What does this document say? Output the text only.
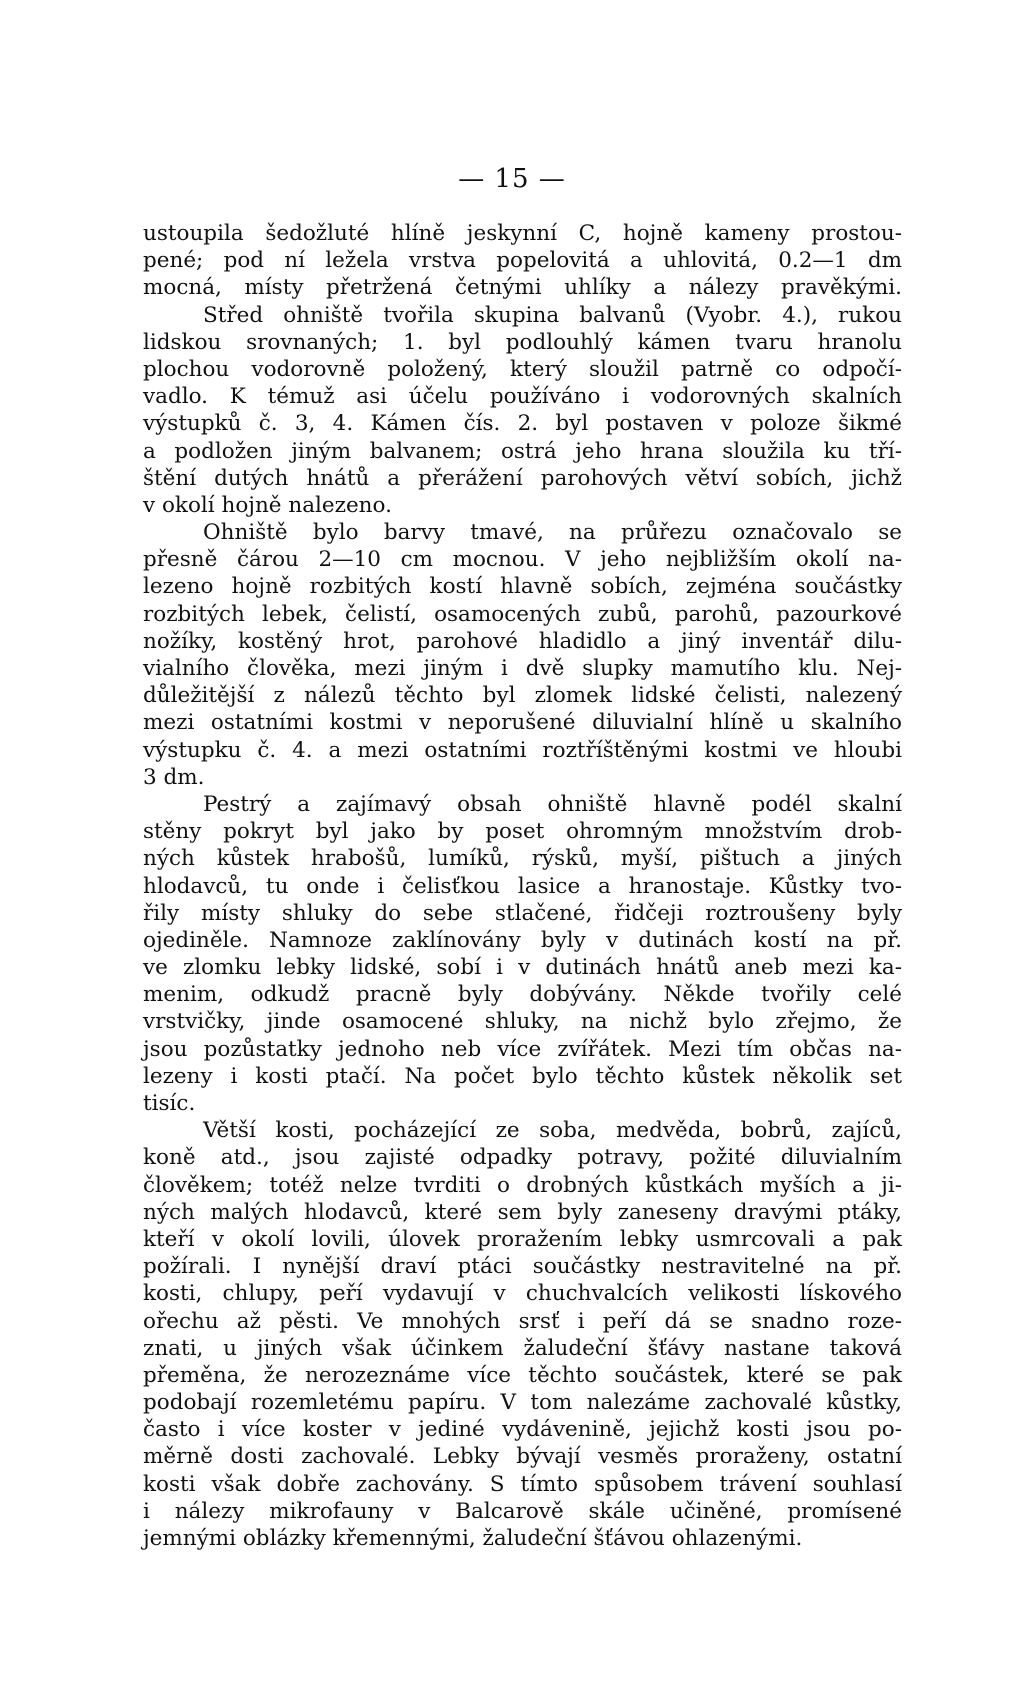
— 15 —
ustoupila šedožluté hlíně jeskynní C, hojně kameny prostou-
pené; pod ní ležela vrstva popelovitá a uhlovitá, 0.2—1 dm
mocná, místy přetržená četnými uhlíky a nálezy pravěkými.
Střed ohniště tvořila skupina balvanů (Vyobr. 4.), rukou
lidskou srovnaných; 1. byl podlouhlý kámen tvaru hranolu
plochou vodorovně položený, který sloužil patrně co odpočí-
vadlo. K témuž asi účelu používáno i vodorovných skalních
výstupků č. 3, 4. Kámen čís. 2. byl postaven v poloze šikmé
a podložen jiným balvanem; ostrá jeho hrana sloužila ku tří-
štění dutých hnátů a přerážení parohových větví sobích, jichž
v okolí hojně nalezeno.
Ohniště bylo barvy tmavé, na průřezu označovalo se
přesně čárou 2—10 cm mocnou. V jeho nejbližším okolí na-
lezeno hojně rozbitých kostí hlavně sobích, zejména součástky
rozbitých lebek, čelistí, osamocených zubů, parohů, pazourkové
nožíky, kostěný hrot, parohové hladidlo a jiný inventář dilu-
vialního člověka, mezi jiným i dvě slupky mamutího klu. Nej-
důležitější z nálezů těchto byl zlomek lidské čelisti, nalezený
mezi ostatními kostmi v neporušené diluvialní hlíně u skalního
výstupku č. 4. a mezi ostatními roztříštěnými kostmi ve hloubi
3 dm.
Pestrý a zajímavý obsah ohniště hlavně podél skalní
stěny pokryt byl jako by poset ohromným množstvím drob-
ných kůstek hrabošů, lumíků, rýsků, myší, pištuch a jiných
hlodavců, tu onde i čelisťkou lasice a hranostaje. Kůstky tvo-
řily místy shluky do sebe stlačené, řidčeji roztroušeny byly
ojediněle. Namnoze zaklínovány byly v dutinách kostí na př.
ve zlomku lebky lidské, sobí i v dutinách hnátů aneb mezi ka-
menim, odkudž pracně byly dobývány. Někde tvořily celé
vrstvičky, jinde osamocené shluky, na nichž bylo zřejmo, že
jsou pozůstatky jednoho neb více zvířátek. Mezi tím občas na-
lezeny i kosti ptačí. Na počet bylo těchto kůstek několik set
tisíc.
Větší kosti, pocházející ze soba, medvěda, bobrů, zajíců,
koně atd., jsou zajisté odpadky potravy, požité diluvialním
člověkem; totéž nelze tvrditi o drobných kůstkách myších a ji-
ných malých hlodavců, které sem byly zaneseny dravými ptáky,
kteří v okolí lovili, úlovek proražením lebky usmrcovali a pak
požírali. I nynější draví ptáci součástky nestravitelné na př.
kosti, chlupy, peří vydavují v chuchvalcích velikosti lískového
ořechu až pěsti. Ve mnohých srsť i peří dá se snadno roze-
znati, u jiných však účinkem žaludeční šťávy nastane taková
přeměna, že nerozeznáme více těchto součástek, které se pak
podobají rozemletému papíru. V tom nalezáme zachovalé kůstky,
často i více koster v jediné vydávenině, jejichž kosti jsou po-
měrně dosti zachovalé. Lebky bývají vesměs proraženy, ostatní
kosti však dobře zachovány. S tímto spůsobem trávení souhlasí
i nálezy mikrofauny v Balcarově skále učiněné, promísené
jemnými oblázky křemennými, žaludeční šťávou ohlazenými.
